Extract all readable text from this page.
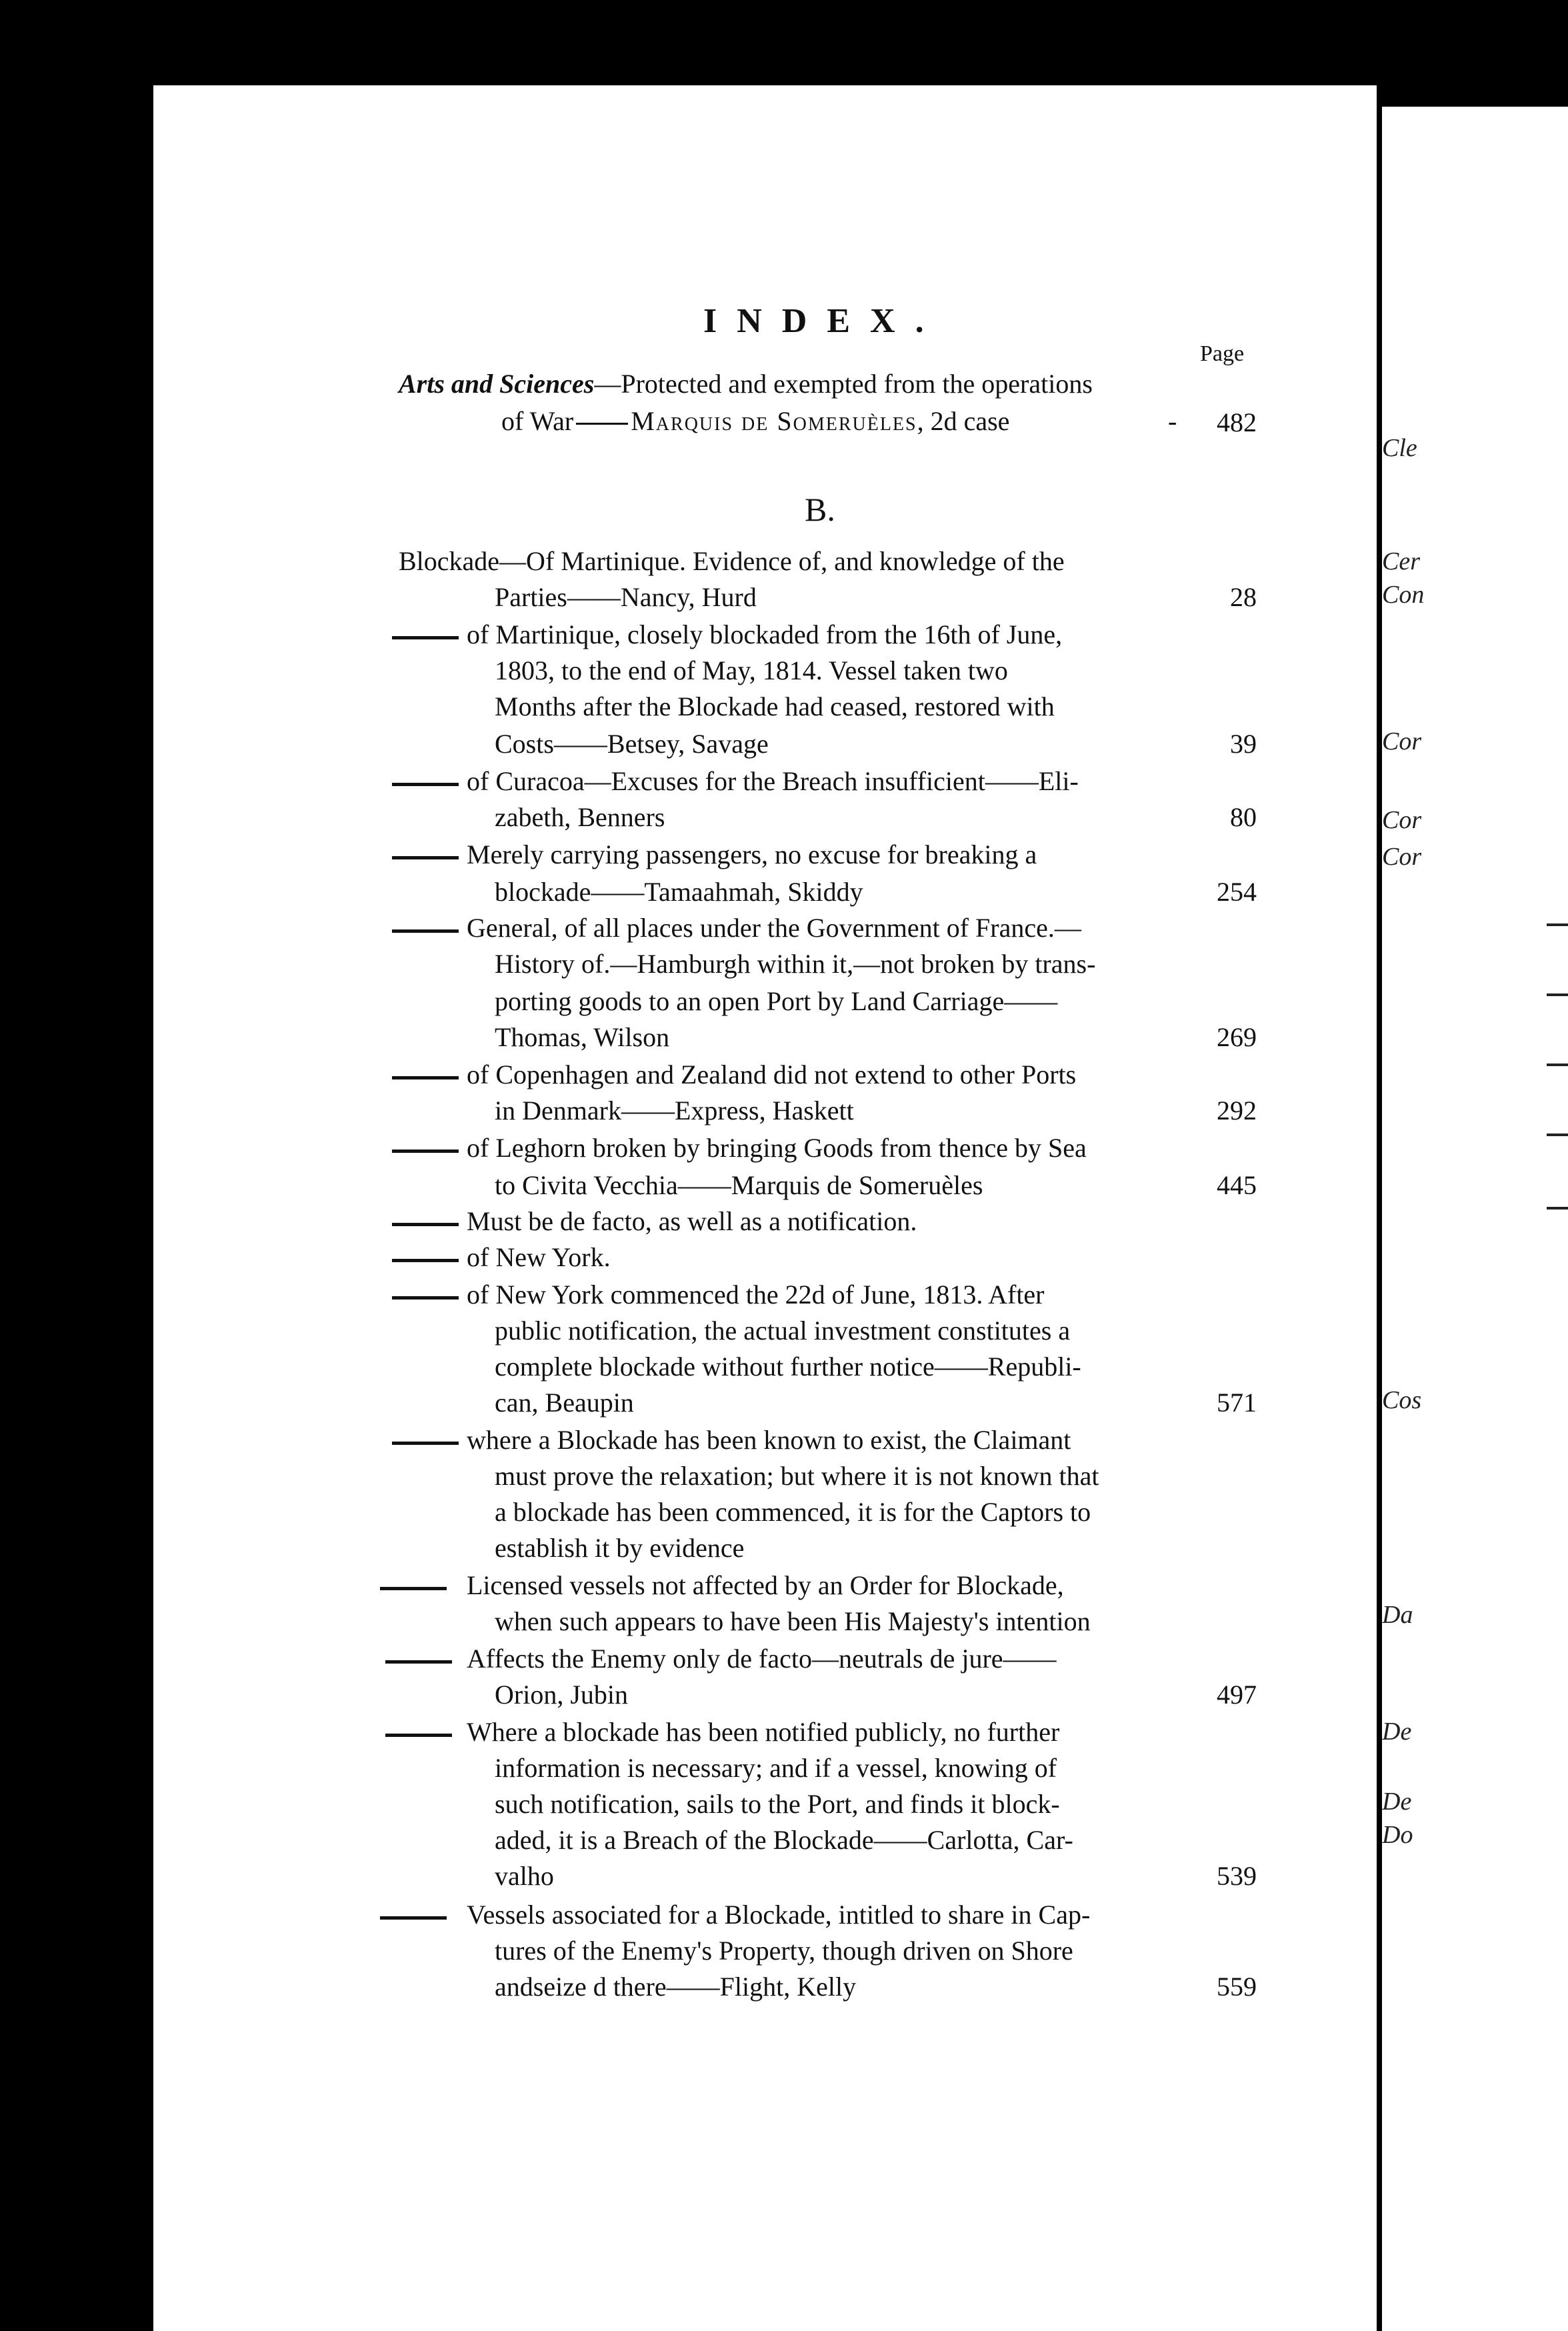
Cle
Cer
Con
Cor
Cor
Cor
Cos
Da
De
De
Do
INDEX.
Page
Arts and Sciences—Protected and exempted from the operations
of War Marquis de Someruèles, 2d case	-	482
B.
Blockade—Of Martinique. Evidence of, and knowledge of the
Parties——Nancy, Hurd	28
of Martinique, closely blockaded from the 16th of June,
1803, to the end of May, 1814. Vessel taken two
Months after the Blockade had ceased, restored with
Costs——Betsey, Savage	39
of Curacoa—Excuses for the Breach insufficient——Eli-
zabeth, Benners	80
Merely carrying passengers, no excuse for breaking a
blockade——Tamaahmah, Skiddy	254
General, of all places under the Government of France.—
History of.—Hamburgh within it,—not broken by trans-
porting goods to an open Port by Land Carriage——
Thomas, Wilson	269
of Copenhagen and Zealand did not extend to other Ports
in Denmark——Express, Haskett	292
of Leghorn broken by bringing Goods from thence by Sea
to Civita Vecchia——Marquis de Someruèles	445
Must be de facto, as well as a notification.
of New York.
of New York commenced the 22d of June, 1813. After
public notification, the actual investment constitutes a
complete blockade without further notice——Republi-
can, Beaupin	571
where a Blockade has been known to exist, the Claimant
must prove the relaxation; but where it is not known that
a blockade has been commenced, it is for the Captors to
establish it by evidence
Licensed vessels not affected by an Order for Blockade,
when such appears to have been His Majesty's intention
Affects the Enemy only de facto—neutrals de jure——
Orion, Jubin	497
Where a blockade has been notified publicly, no further
information is necessary; and if a vessel, knowing of
such notification, sails to the Port, and finds it block-
aded, it is a Breach of the Blockade——Carlotta, Car-
valho	539
Vessels associated for a Blockade, intitled to share in Cap-
tures of the Enemy's Property, though driven on Shore
andseize d there——Flight, Kelly	559
